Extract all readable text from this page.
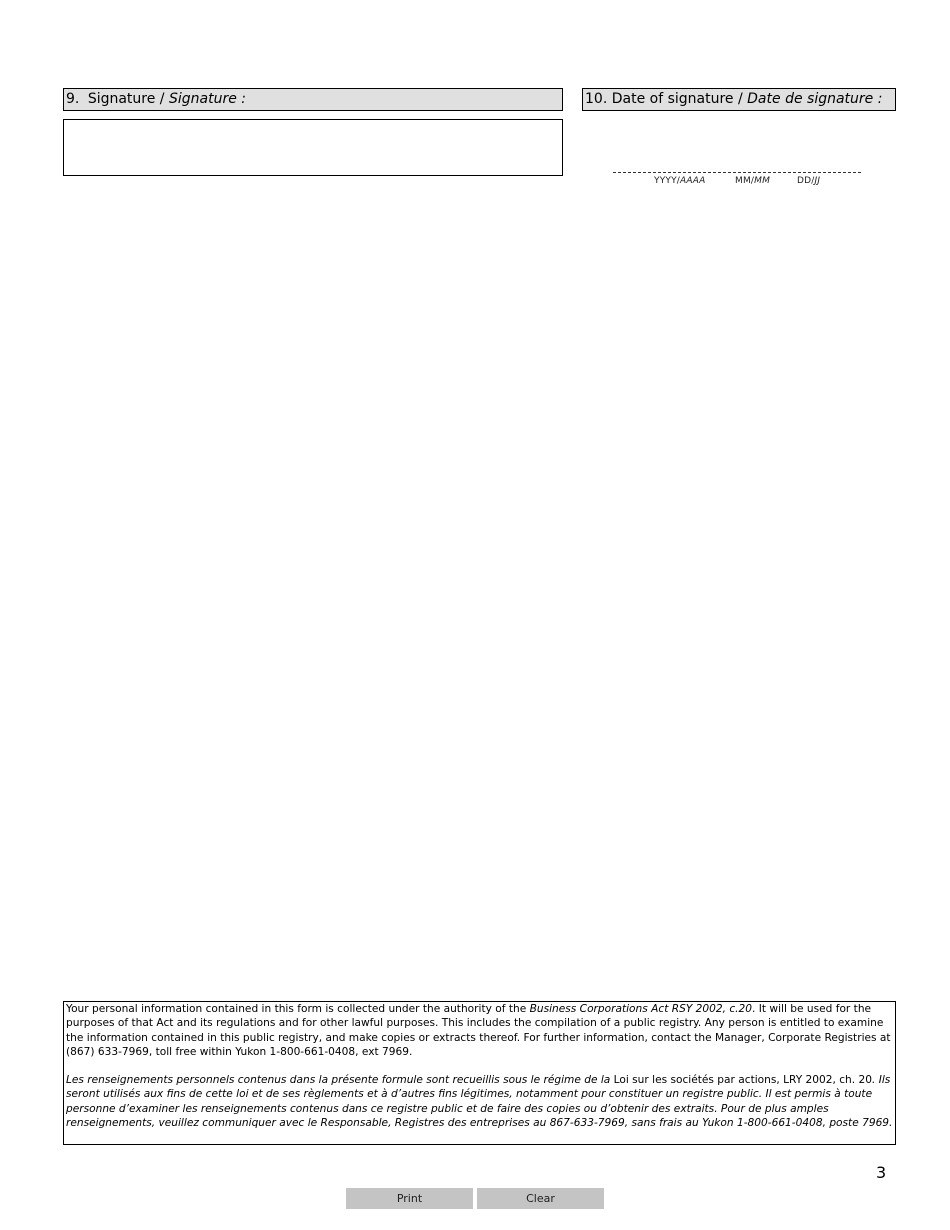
9. Signature / Signature :	10. Date of signature / Date de signature :
YYYY/AAAA	MM/MM	DD/JJ

Your personal information contained in this form is collected under the authority of the Business Corporations Act RSY 2002, c.20. It will be used for the purposes of that Act and its regulations and for other lawful purposes. This includes the compilation of a public registry. Any person is entitled to examine the information contained in this public registry, and make copies or extracts thereof. For further information, contact the Manager, Corporate Registries at (867) 633-7969, toll free within Yukon 1-800-661-0408, ext 7969.

Les renseignements personnels contenus dans la présente formule sont recueillis sous le régime de la Loi sur les sociétés par actions, LRY 2002, ch. 20. Ils seront utilisés aux fins de cette loi et de ses règlements et à d’autres fins légitimes, notamment pour constituer un registre public. Il est permis à toute personne d’examiner les renseignements contenus dans ce registre public et de faire des copies ou d’obtenir des extraits. Pour de plus amples renseignements, veuillez communiquer avec le Responsable, Registres des entreprises au 867-633-7969, sans frais au Yukon 1-800-661-0408, poste 7969.

3
Print	Clear
